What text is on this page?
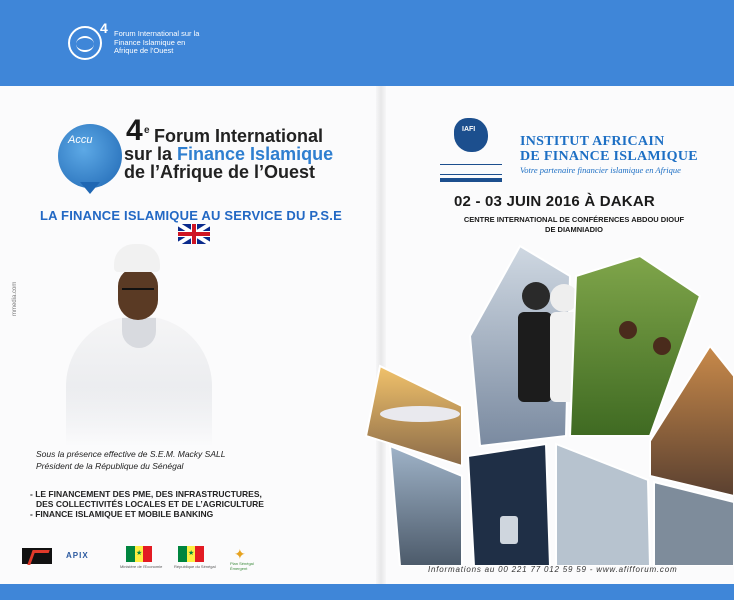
4 Forum International sur la
Finance Islamique en
Afrique de l'Ouest
Accu 4 e Forum International
sur la Finance Islamique
de l’Afrique de l’Ouest
LA FINANCE ISLAMIQUE AU SERVICE DU P.S.E
mmedia.com
Sous la présence effective de S.E.M. Macky SALL
Président de la République du Sénégal
- LE FINANCEMENT DES PME, DES INFRASTRUCTURES,
DES COLLECTIVITÉS LOCALES ET DE L’AGRICULTURE
- FINANCE ISLAMIQUE ET MOBILE BANKING
APIX	★
Ministère de l'Economie
★
République du Sénégal
✦
Plan Sénégal Émergent
IAFI
INSTITUT AFRICAIN
DE FINANCE ISLAMIQUE
Votre partenaire financier islamique en Afrique
02 - 03 JUIN 2016 À DAKAR
CENTRE INTERNATIONAL DE CONFÉRENCES ABDOU DIOUF
DE DIAMNIADIO
Informations au 00 221 77 012 59 59 - www.afifforum.com
